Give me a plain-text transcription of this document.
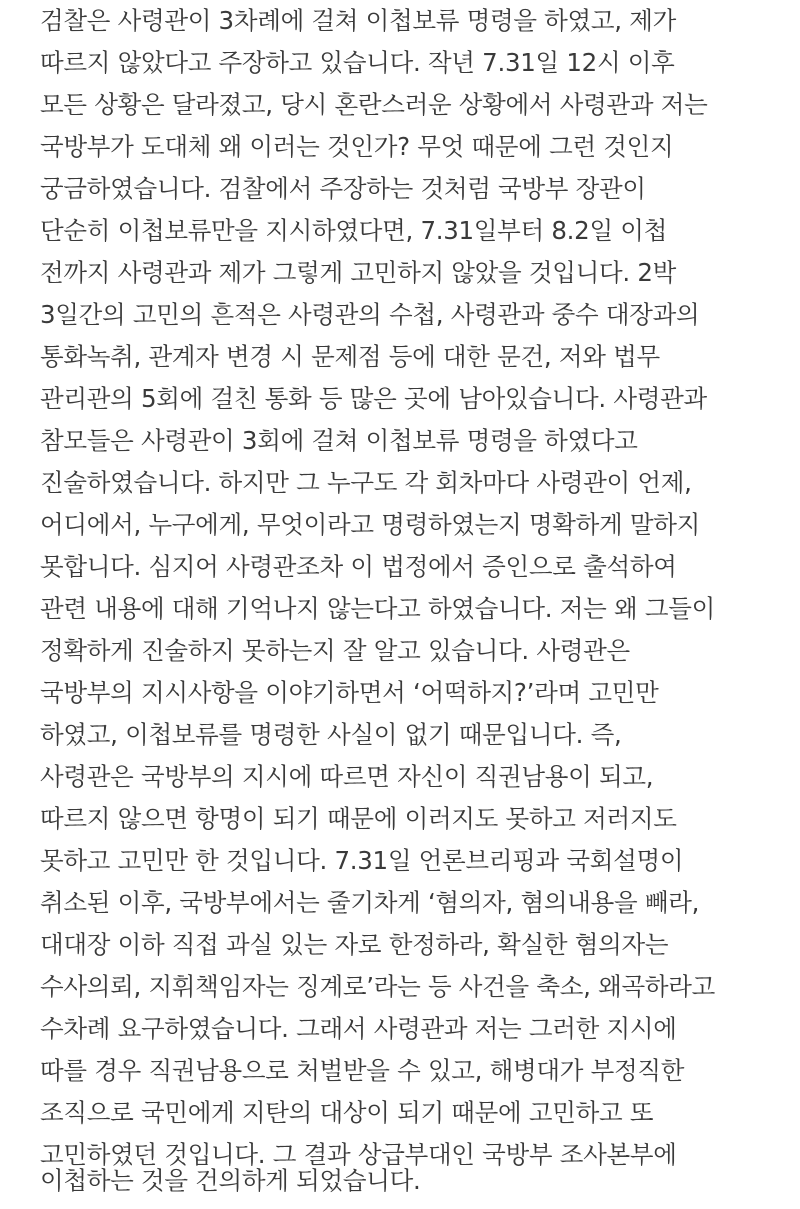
검찰은 사령관이 3차례에 걸쳐 이첩보류 명령을 하였고, 제가

따르지 않았다고 주장하고 있습니다. 작년 7.31일 12시 이후

모든 상황은 달라졌고, 당시 혼란스러운 상황에서 사령관과 저는

국방부가 도대체 왜 이러는 것인가? 무엇 때문에 그런 것인지

궁금하였습니다. 검찰에서 주장하는 것처럼 국방부 장관이

단순히 이첩보류만을 지시하였다면, 7.31일부터 8.2일 이첩

전까지 사령관과 제가 그렇게 고민하지 않았을 것입니다. 2박

3일간의 고민의 흔적은 사령관의 수첩, 사령관과 중수 대장과의

통화녹취, 관계자 변경 시 문제점 등에 대한 문건, 저와 법무

관리관의 5회에 걸친 통화 등 많은 곳에 남아있습니다. 사령관과

참모들은 사령관이 3회에 걸쳐 이첩보류 명령을 하였다고

진술하였습니다. 하지만 그 누구도 각 회차마다 사령관이 언제,

어디에서, 누구에게, 무엇이라고 명령하였는지 명확하게 말하지

못합니다. 심지어 사령관조차 이 법정에서 증인으로 출석하여

관련 내용에 대해 기억나지 않는다고 하였습니다. 저는 왜 그들이

정확하게 진술하지 못하는지 잘 알고 있습니다. 사령관은

국방부의 지시사항을 이야기하면서 ‘어떡하지?’라며 고민만

하였고, 이첩보류를 명령한 사실이 없기 때문입니다. 즉,

사령관은 국방부의 지시에 따르면 자신이 직권남용이 되고,

따르지 않으면 항명이 되기 때문에 이러지도 못하고 저러지도

못하고 고민만 한 것입니다. 7.31일 언론브리핑과 국회설명이

취소된 이후, 국방부에서는 줄기차게 ‘혐의자, 혐의내용을 빼라,

대대장 이하 직접 과실 있는 자로 한정하라, 확실한 혐의자는

수사의뢰, 지휘책임자는 징계로’라는 등 사건을 축소, 왜곡하라고

수차례 요구하였습니다. 그래서 사령관과 저는 그러한 지시에

따를 경우 직권남용으로 처벌받을 수 있고, 해병대가 부정직한

조직으로 국민에게 지탄의 대상이 되기 때문에 고민하고 또

고민하였던 것입니다. 그 결과 상급부대인 국방부 조사본부에

이첩하는 것을 건의하게 되었습니다.
